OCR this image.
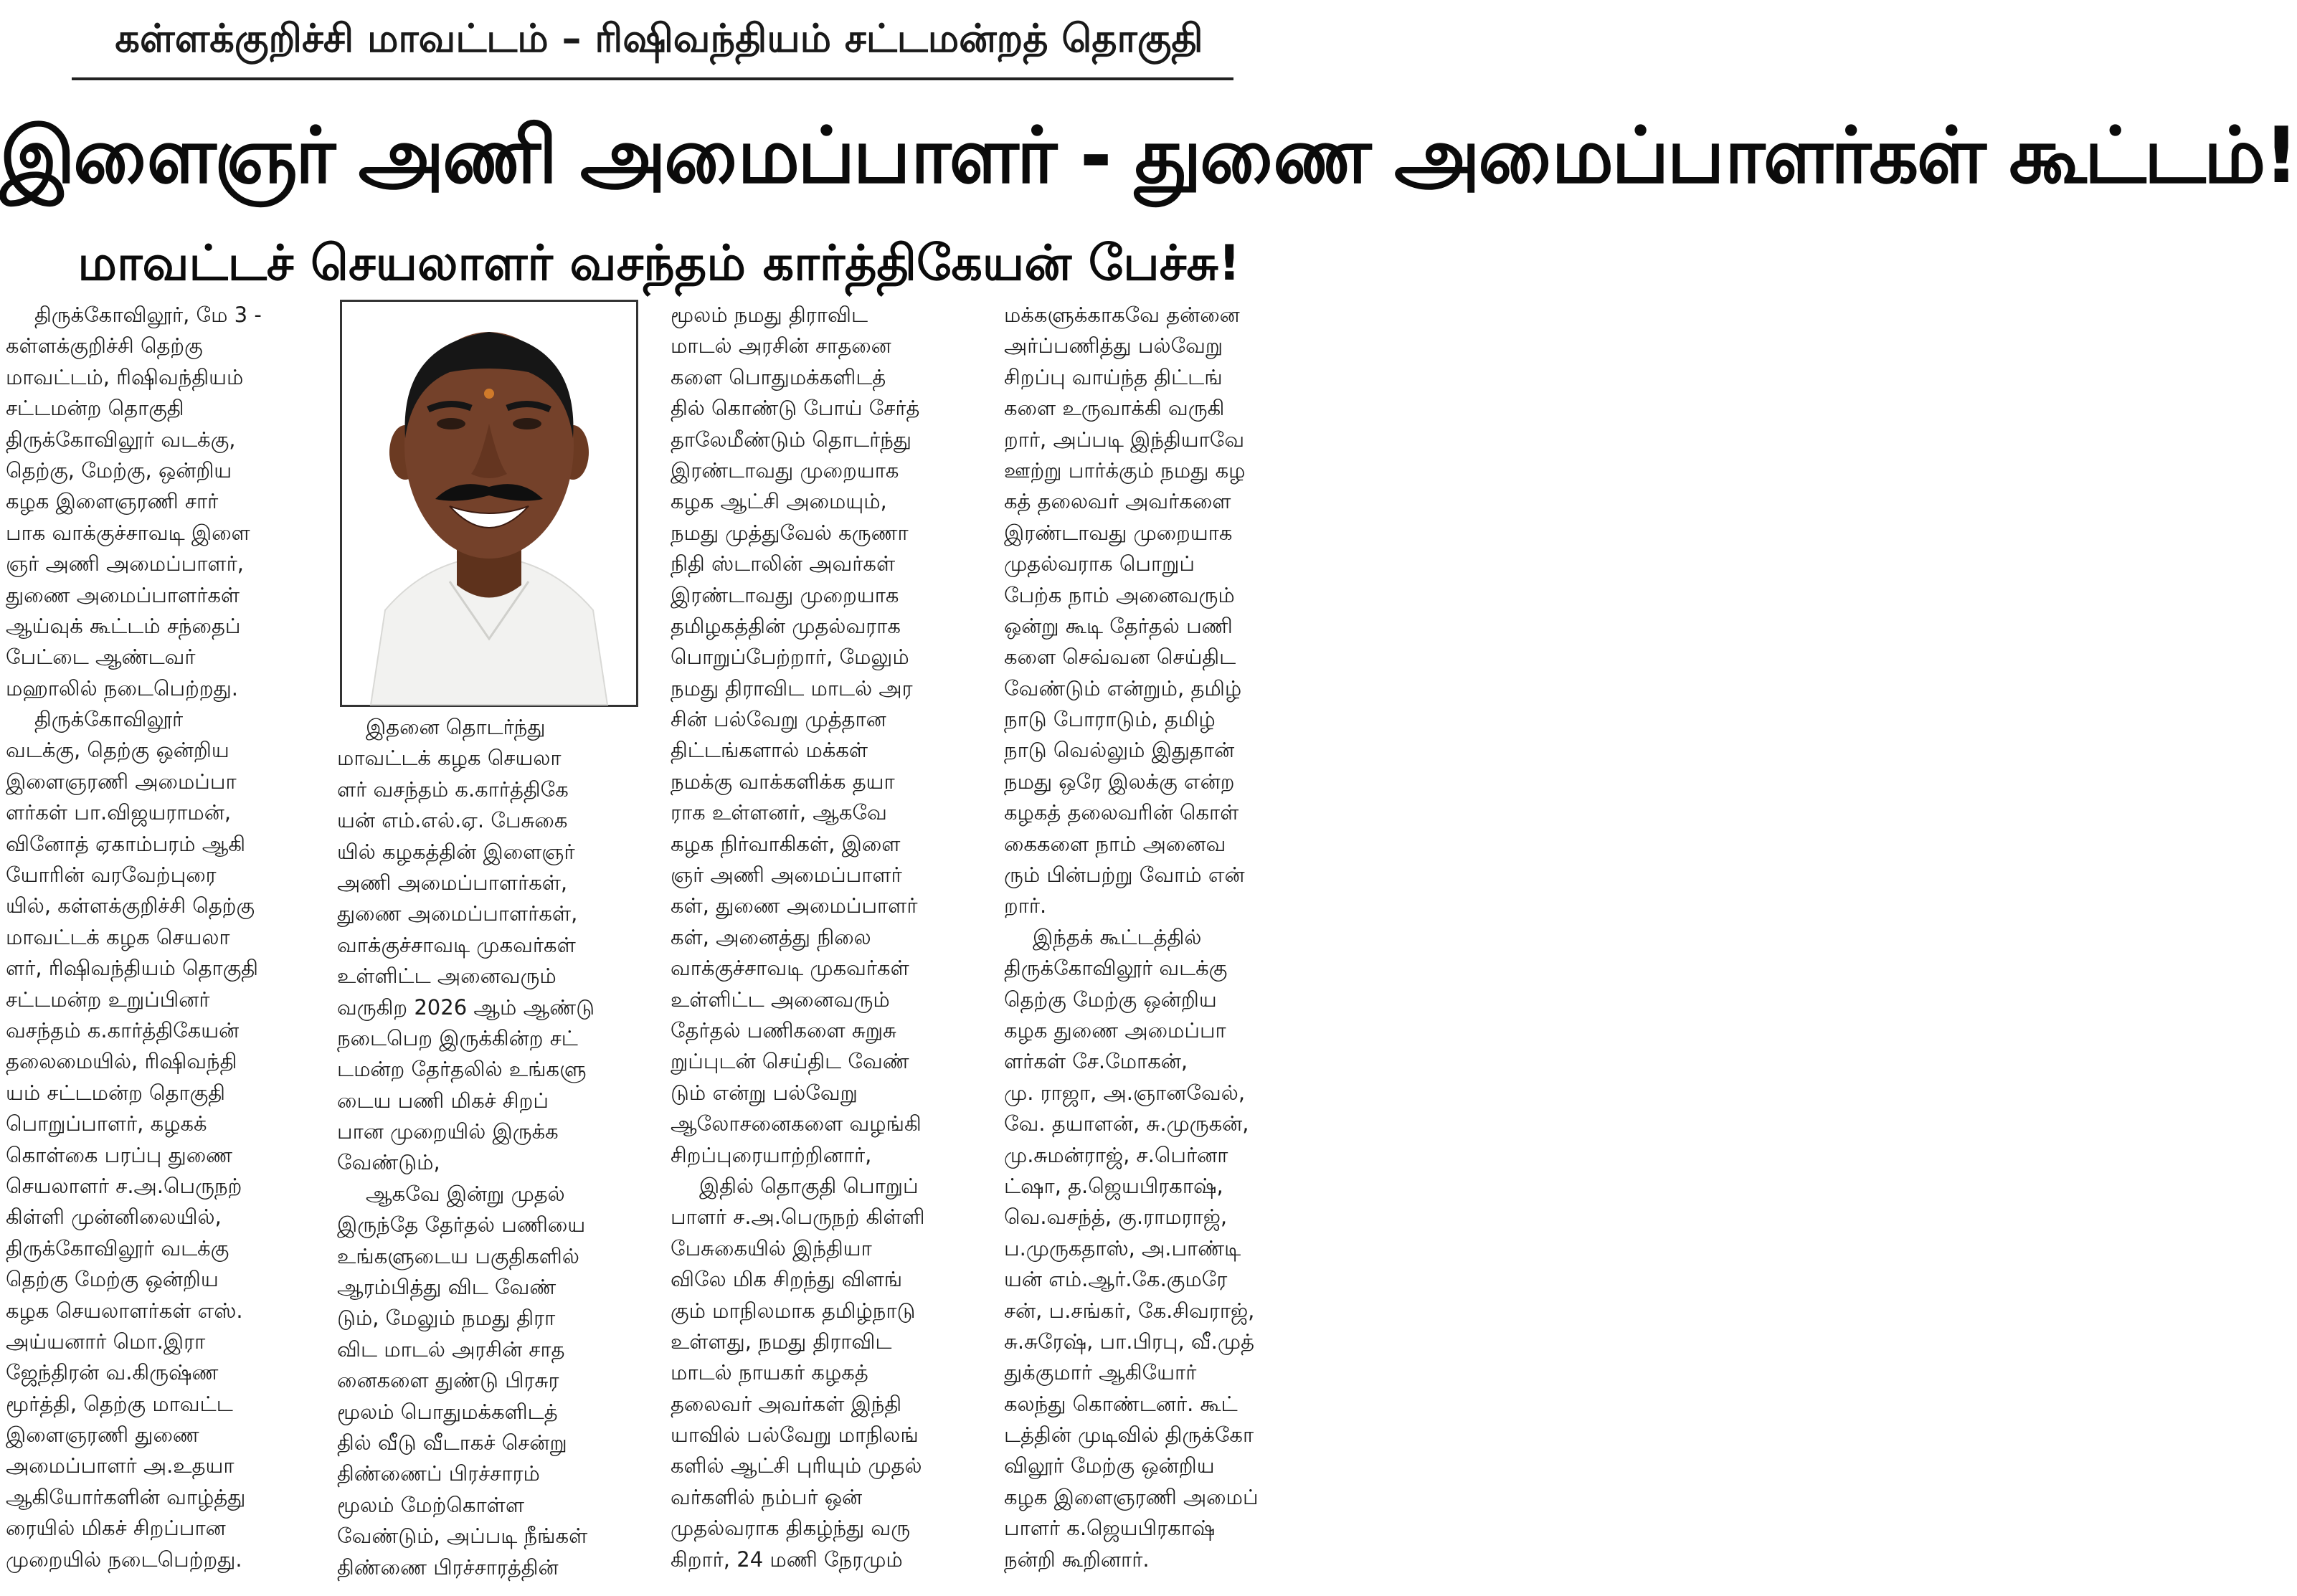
கள்ளக்குறிச்சி மாவட்டம் – ரிஷிவந்தியம் சட்டமன்றத் தொகுதி
இளைஞர் அணி அமைப்பாளர் - துணை அமைப்பாளர்கள் கூட்டம்!
மாவட்டச் செயலாளர் வசந்தம் கார்த்திகேயன் பேச்சு!
திருக்கோவிலூர், மே 3 -
கள்ளக்குறிச்சி தெற்கு
மாவட்டம், ரிஷிவந்தியம்
சட்டமன்ற தொகுதி
திருக்கோவிலூர் வடக்கு,
தெற்கு, மேற்கு, ஒன்றிய
கழக இளைஞரணி சார்
பாக வாக்குச்சாவடி இளை
ஞர் அணி அமைப்பாளர்,
துணை அமைப்பாளர்கள்
ஆய்வுக் கூட்டம் சந்தைப்
பேட்டை ஆண்டவர்
மஹாலில் நடைபெற்றது.
திருக்கோவிலூர்
வடக்கு, தெற்கு ஒன்றிய
இளைஞரணி அமைப்பா
ளர்கள் பா.விஜயராமன்,
வினோத் ஏகாம்பரம் ஆகி
யோரின் வரவேற்புரை
யில், கள்ளக்குறிச்சி தெற்கு
மாவட்டக் கழக செயலா
ளர், ரிஷிவந்தியம் தொகுதி
சட்டமன்ற உறுப்பினர்
வசந்தம் க.கார்த்திகேயன்
தலைமையில், ரிஷிவந்தி
யம் சட்டமன்ற தொகுதி
பொறுப்பாளர், கழகக்
கொள்கை பரப்பு துணை
செயலாளர் ச.அ.பெருநற்
கிள்ளி முன்னிலையில்,
திருக்கோவிலூர் வடக்கு
தெற்கு மேற்கு ஒன்றிய
கழக செயலாளர்கள் எஸ்.
அய்யனார் மொ.இரா
ஜேந்திரன் வ.கிருஷ்ண
மூர்த்தி, தெற்கு மாவட்ட
இளைஞரணி துணை
அமைப்பாளர் அ.உதயா
ஆகியோர்களின் வாழ்த்து
ரையில் மிகச் சிறப்பான
முறையில் நடைபெற்றது.
இதனை தொடர்ந்து
மாவட்டக் கழக செயலா
ளர் வசந்தம் க.கார்த்திகே
யன் எம்.எல்.ஏ. பேசுகை
யில் கழகத்தின் இளைஞர்
அணி அமைப்பாளர்கள்,
துணை அமைப்பாளர்கள்,
வாக்குச்சாவடி முகவர்கள்
உள்ளிட்ட அனைவரும்
வருகிற 2026 ஆம் ஆண்டு
நடைபெற இருக்கின்ற சட்
டமன்ற தேர்தலில் உங்களு
டைய பணி மிகச் சிறப்
பான முறையில் இருக்க
வேண்டும்,
ஆகவே இன்று முதல்
இருந்தே தேர்தல் பணியை
உங்களுடைய பகுதிகளில்
ஆரம்பித்து விட வேண்
டும், மேலும் நமது திரா
விட மாடல் அரசின் சாத
னைகளை துண்டு பிரசுர
மூலம் பொதுமக்களிடத்
தில் வீடு வீடாகச் சென்று
திண்ணைப் பிரச்சாரம்
மூலம் மேற்கொள்ள
வேண்டும், அப்படி நீங்கள்
திண்ணை பிரச்சாரத்தின்
மூலம் நமது திராவிட
மாடல் அரசின் சாதனை
களை பொதுமக்களிடத்
தில் கொண்டு போய் சேர்த்
தாலேமீண்டும் தொடர்ந்து
இரண்டாவது முறையாக
கழக ஆட்சி அமையும்,
நமது முத்துவேல் கருணா
நிதி ஸ்டாலின் அவர்கள்
இரண்டாவது முறையாக
தமிழகத்தின் முதல்வராக
பொறுப்பேற்றார், மேலும்
நமது திராவிட மாடல் அர
சின் பல்வேறு முத்தான
திட்டங்களால் மக்கள்
நமக்கு வாக்களிக்க தயா
ராக உள்ளனர், ஆகவே
கழக நிர்வாகிகள், இளை
ஞர் அணி அமைப்பாளர்
கள், துணை அமைப்பாளர்
கள், அனைத்து நிலை
வாக்குச்சாவடி முகவர்கள்
உள்ளிட்ட அனைவரும்
தேர்தல் பணிகளை சுறுசு
றுப்புடன் செய்திட வேண்
டும் என்று பல்வேறு
ஆலோசனைகளை வழங்கி
சிறப்புரையாற்றினார்,
இதில் தொகுதி பொறுப்
பாளர் ச.அ.பெருநற் கிள்ளி
பேசுகையில் இந்தியா
விலே மிக சிறந்து விளங்
கும் மாநிலமாக தமிழ்நாடு
உள்ளது, நமது திராவிட
மாடல் நாயகர் கழகத்
தலைவர் அவர்கள் இந்தி
யாவில் பல்வேறு மாநிலங்
களில் ஆட்சி புரியும் முதல்
வர்களில் நம்பர் ஒன்
முதல்வராக திகழ்ந்து வரு
கிறார், 24 மணி நேரமும்
மக்களுக்காகவே தன்னை
அர்ப்பணித்து பல்வேறு
சிறப்பு வாய்ந்த திட்டங்
களை உருவாக்கி வருகி
றார், அப்படி இந்தியாவே
ஊற்று பார்க்கும் நமது கழ
கத் தலைவர் அவர்களை
இரண்டாவது முறையாக
முதல்வராக பொறுப்
பேற்க நாம் அனைவரும்
ஒன்று கூடி தேர்தல் பணி
களை செவ்வன செய்திட
வேண்டும் என்றும், தமிழ்
நாடு போராடும், தமிழ்
நாடு வெல்லும் இதுதான்
நமது ஒரே இலக்கு என்ற
கழகத் தலைவரின் கொள்
கைகளை நாம் அனைவ
ரும் பின்பற்று வோம் என்
றார்.
இந்தக் கூட்டத்தில்
திருக்கோவிலூர் வடக்கு
தெற்கு மேற்கு ஒன்றிய
கழக துணை அமைப்பா
ளர்கள் சே.மோகன்,
மு. ராஜா, அ.ஞானவேல்,
வே. தயாளன், சு.முருகன்,
மு.சுமன்ராஜ், ச.பெர்னா
ட்ஷா, த.ஜெயபிரகாஷ்,
வெ.வசந்த், கு.ராமராஜ்,
ப.முருகதாஸ், அ.பாண்டி
யன் எம்.ஆர்.கே.குமரே
சன், ப.சங்கர், கே.சிவராஜ்,
சு.சுரேஷ், பா.பிரபு, வீ.முத்
துக்குமார் ஆகியோர்
கலந்து கொண்டனர். கூட்
டத்தின் முடிவில் திருக்கோ
விலூர் மேற்கு ஒன்றிய
கழக இளைஞரணி அமைப்
பாளர் க.ஜெயபிரகாஷ்
நன்றி கூறினார்.
